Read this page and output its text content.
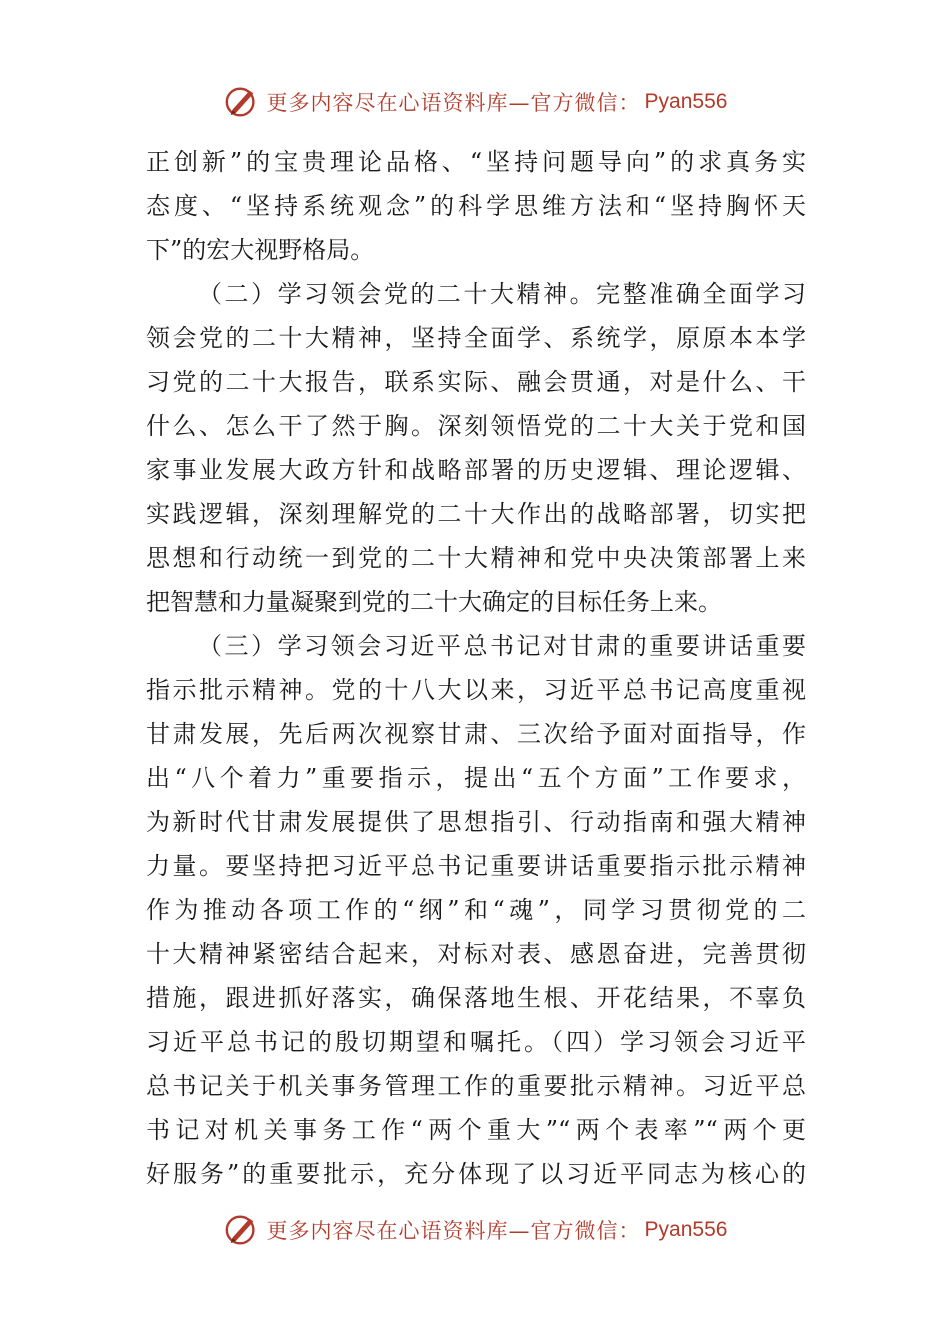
更多内容尽在心语资料库—官方微信： Pyan556
正创新”的宝贵理论品格、“坚持问题导向”的求真务实
态度、“坚持系统观念”的科学思维方法和“坚持胸怀天
下”的宏大视野格局。
（二）学习领会党的二十大精神。完整准确全面学习
领会党的二十大精神，坚持全面学、系统学，原原本本学
习党的二十大报告，联系实际、融会贯通，对是什么、干
什么、怎么干了然于胸。深刻领悟党的二十大关于党和国
家事业发展大政方针和战略部署的历史逻辑、理论逻辑、
实践逻辑，深刻理解党的二十大作出的战略部署，切实把
思想和行动统一到党的二十大精神和党中央决策部署上来
把智慧和力量凝聚到党的二十大确定的目标任务上来。
（三）学习领会习近平总书记对甘肃的重要讲话重要
指示批示精神。党的十八大以来，习近平总书记高度重视
甘肃发展，先后两次视察甘肃、三次给予面对面指导，作
出“八个着力”重要指示，提出“五个方面”工作要求，
为新时代甘肃发展提供了思想指引、行动指南和强大精神
力量。要坚持把习近平总书记重要讲话重要指示批示精神
作为推动各项工作的“纲”和“魂”，同学习贯彻党的二
十大精神紧密结合起来，对标对表、感恩奋进，完善贯彻
措施，跟进抓好落实，确保落地生根、开花结果，不辜负
习近平总书记的殷切期望和嘱托。（四）学习领会习近平
总书记关于机关事务管理工作的重要批示精神。习近平总
书记对机关事务工作“两个重大”“两个表率”“两个更
好服务”的重要批示，充分体现了以习近平同志为核心的
更多内容尽在心语资料库—官方微信： Pyan556
